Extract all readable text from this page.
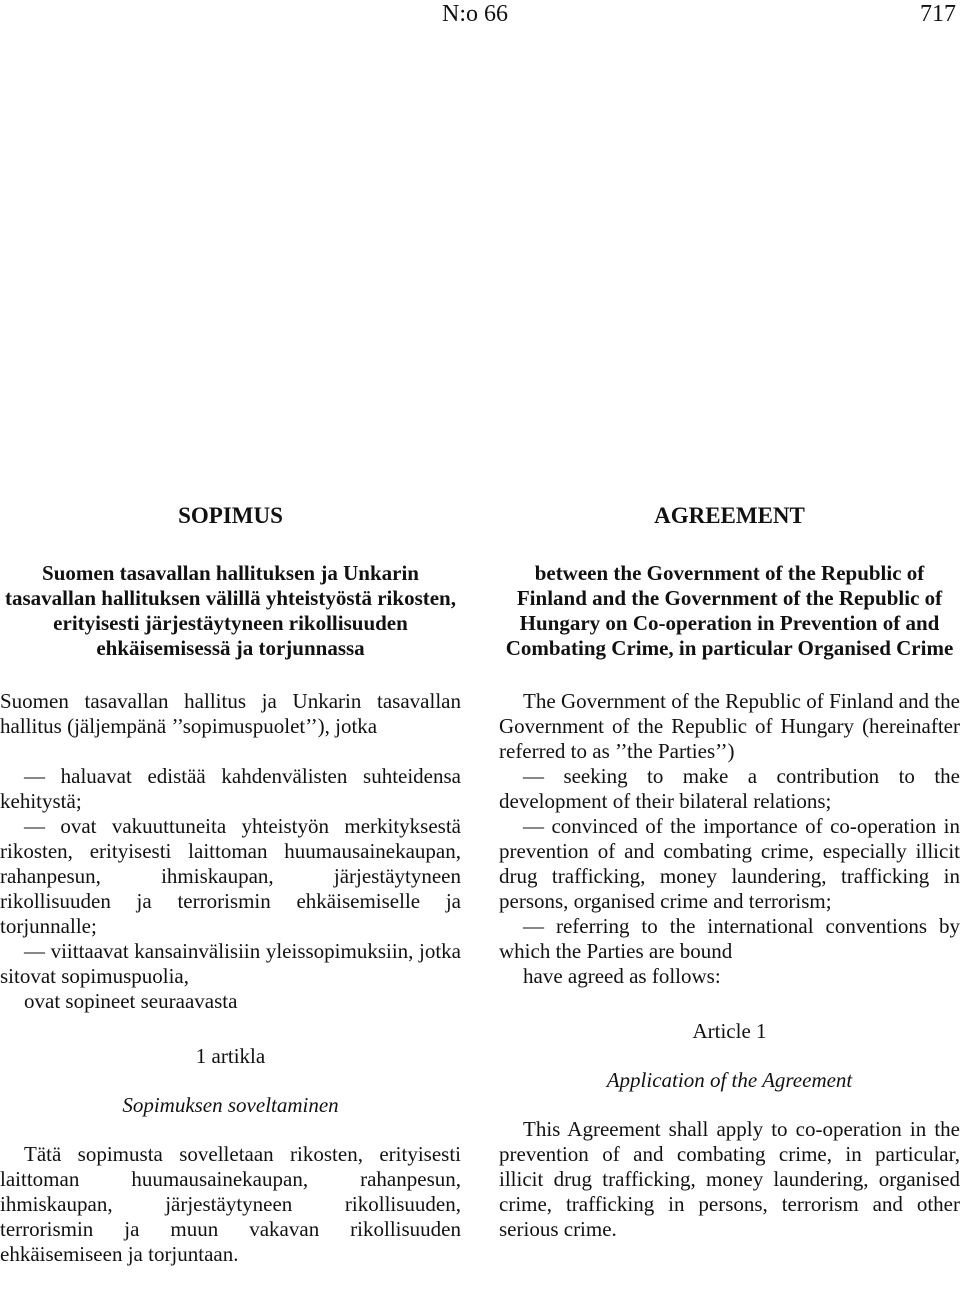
N:o 66	717
SOPIMUS
Suomen tasavallan hallituksen ja Unkarin tasavallan hallituksen välillä yhteistyöstä rikosten, erityisesti järjestäytyneen rikollisuuden ehkäisemisessä ja torjunnassa

Suomen tasavallan hallitus ja Unkarin tasavallan hallitus (jäljempänä ’’sopimuspuolet’’), jotka

— haluavat edistää kahdenvälisten suhteidensa kehitystä;

— ovat vakuuttuneita yhteistyön merkityksestä rikosten, erityisesti laittoman huumausainekaupan, rahanpesun, ihmiskaupan, järjestäytyneen rikollisuuden ja terrorismin ehkäisemiselle ja torjunnalle;

— viittaavat kansainvälisiin yleissopimuksiin, jotka sitovat sopimuspuolia,

ovat sopineet seuraavasta

1 artikla
Sopimuksen soveltaminen

Tätä sopimusta sovelletaan rikosten, erityisesti laittoman huumausainekaupan, rahanpesun, ihmiskaupan, järjestäytyneen rikollisuuden, terrorismin ja muun vakavan rikollisuuden ehkäisemiseen ja torjuntaan.

AGREEMENT
between the Government of the Republic of Finland and the Government of the Republic of Hungary on Co-operation in Prevention of and Combating Crime, in particular Organised Crime

The Government of the Republic of Finland and the Government of the Republic of Hungary (hereinafter referred to as ’’the Parties’’)

— seeking to make a contribution to the development of their bilateral relations;

— convinced of the importance of co-operation in prevention of and combating crime, especially illicit drug trafficking, money laundering, trafficking in persons, organised crime and terrorism;

— referring to the international conventions by which the Parties are bound

have agreed as follows:

Article 1
Application of the Agreement

This Agreement shall apply to co-operation in the prevention of and combating crime, in particular, illicit drug trafficking, money laundering, organised crime, trafficking in persons, terrorism and other serious crime.
